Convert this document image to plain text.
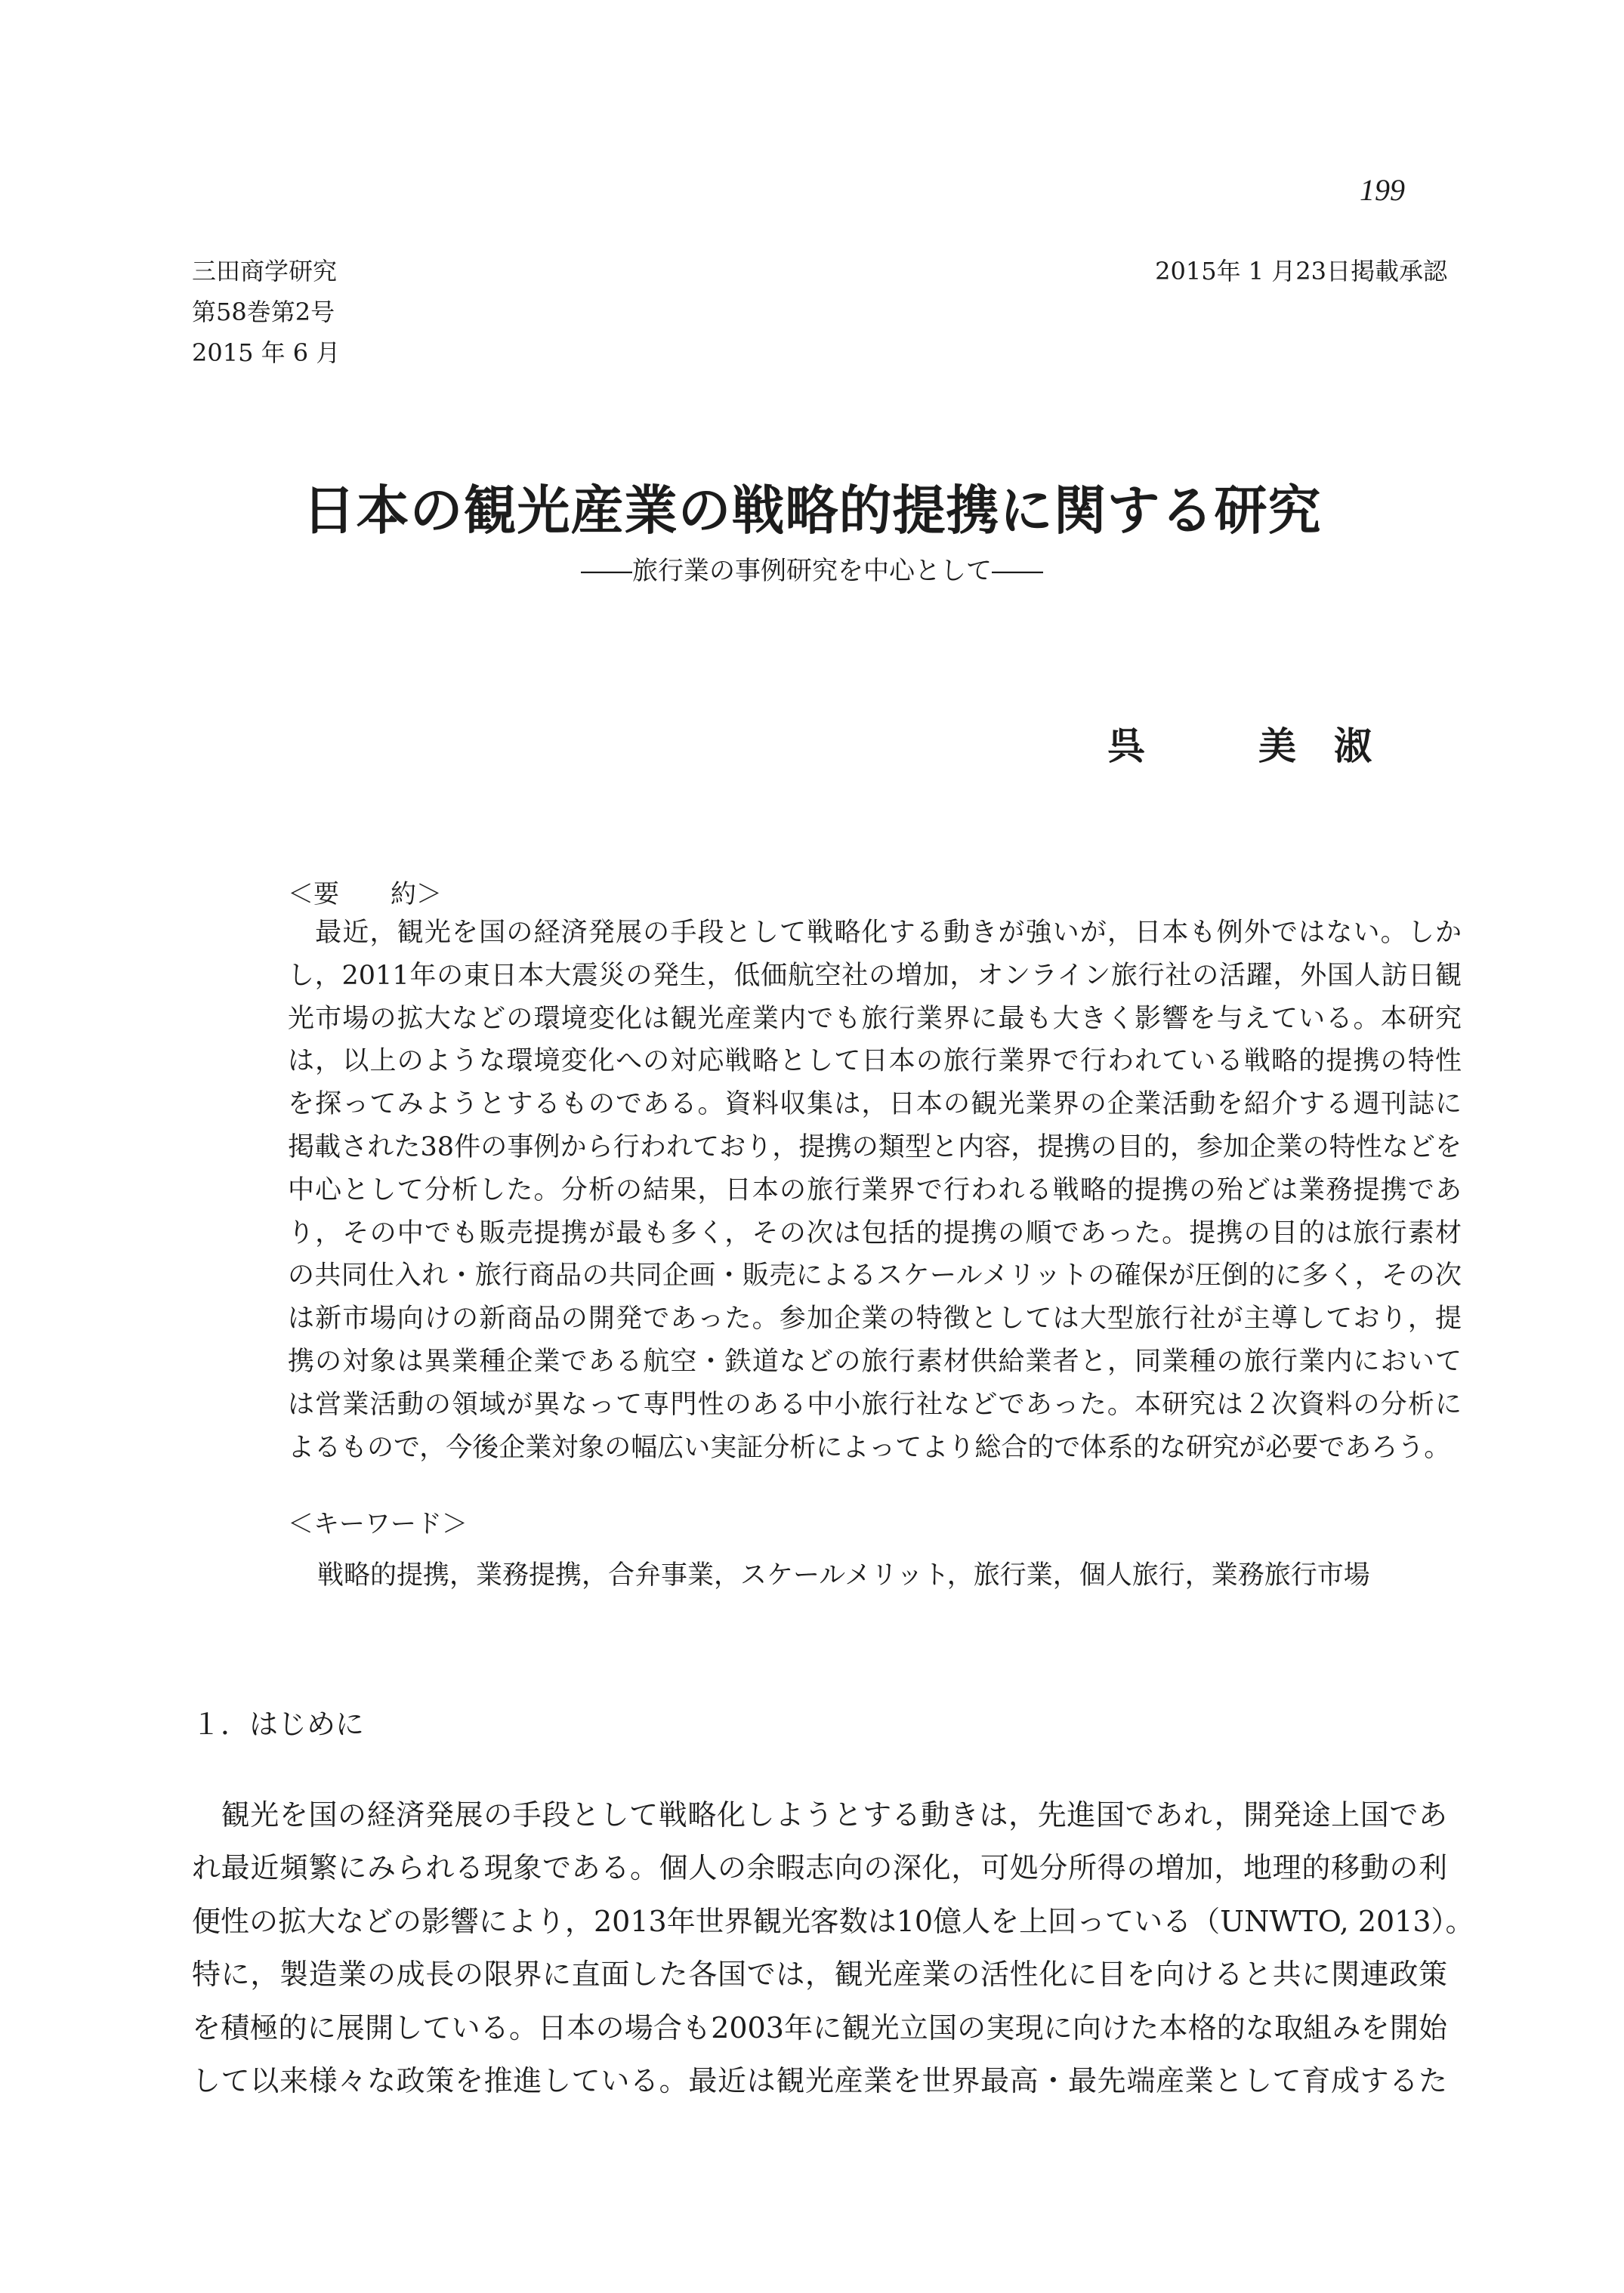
199
三田商学研究
第58巻第2号
2015 年 6 月
2015年 1 月23日掲載承認
日本の観光産業の戦略的提携に関する研究
――旅行業の事例研究を中心として――
呉	美　淑
＜要　　約＞
　最近，観光を国の経済発展の手段として戦略化する動きが強いが，日本も例外ではない。しか
し，2011年の東日本大震災の発生，低価航空社の増加，オンライン旅行社の活躍，外国人訪日観
光市場の拡大などの環境変化は観光産業内でも旅行業界に最も大きく影響を与えている。本研究
は，以上のような環境変化への対応戦略として日本の旅行業界で行われている戦略的提携の特性
を探ってみようとするものである。資料収集は，日本の観光業界の企業活動を紹介する週刊誌に
掲載された38件の事例から行われており，提携の類型と内容，提携の目的，参加企業の特性などを
中心として分析した。分析の結果，日本の旅行業界で行われる戦略的提携の殆どは業務提携であ
り，その中でも販売提携が最も多く，その次は包括的提携の順であった。提携の目的は旅行素材
の共同仕入れ・旅行商品の共同企画・販売によるスケールメリットの確保が圧倒的に多く，その次
は新市場向けの新商品の開発であった。参加企業の特徴としては大型旅行社が主導しており，提
携の対象は異業種企業である航空・鉄道などの旅行素材供給業者と，同業種の旅行業内において
は営業活動の領域が異なって専門性のある中小旅行社などであった。本研究は２次資料の分析に
よるもので，今後企業対象の幅広い実証分析によってより総合的で体系的な研究が必要であろう。
＜キーワード＞
戦略的提携，業務提携，合弁事業，スケールメリット，旅行業，個人旅行，業務旅行市場
１．はじめに
　観光を国の経済発展の手段として戦略化しようとする動きは，先進国であれ，開発途上国であ
れ最近頻繁にみられる現象である。個人の余暇志向の深化，可処分所得の増加，地理的移動の利
便性の拡大などの影響により，2013年世界観光客数は10億人を上回っている（UNWTO, 2013）。
特に，製造業の成長の限界に直面した各国では，観光産業の活性化に目を向けると共に関連政策
を積極的に展開している。日本の場合も2003年に観光立国の実現に向けた本格的な取組みを開始
して以来様々な政策を推進している。最近は観光産業を世界最高・最先端産業として育成するた
